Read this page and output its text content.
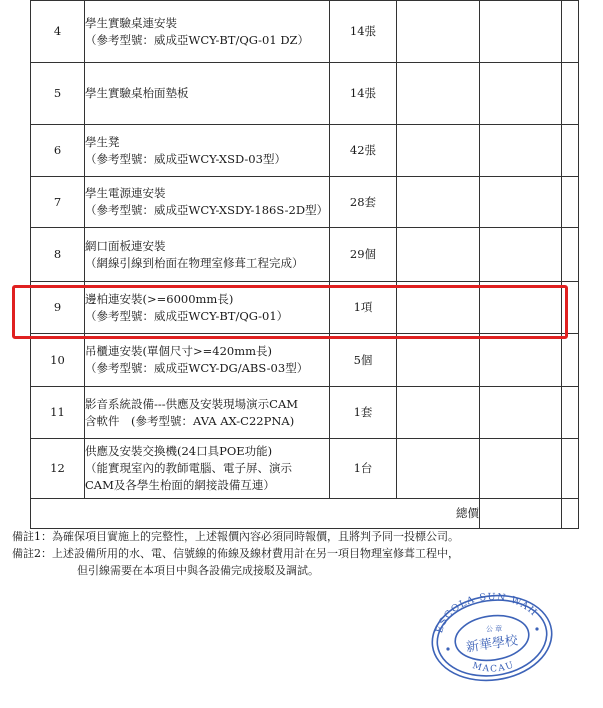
4	學生實驗桌連安裝
（參考型號：威成亞WCY-BT/QG-01 DZ）	14張			
5	學生實驗桌枱面墊板	14張			
6	學生凳
（參考型號：威成亞WCY-XSD-03型）	42張			
7	學生電源連安裝
（參考型號：威成亞WCY-XSDY-186S-2D型）	28套			
8	網口面板連安裝
（網線引線到枱面在物理室修葺工程完成）	29個			
9	邊柏連安裝(>=6000mm長)
（參考型號：威成亞WCY-BT/QG-01）	1項			
10	吊櫃連安裝(單個尺寸>=420mm長)
（參考型號：威成亞WCY-DG/ABS-03型）	5個			
11	影音系統設備---供應及安裝現場演示CAM
含軟件　(參考型號：AVA AX-C22PNA)	1套			
12	供應及安裝交換機(24口具POE功能)
（能實現室內的教師電腦、電子屏、演示
CAM及各學生枱面的網接設備互連）	1台			
總價					
備註1： 為確保項目實施上的完整性，上述報價內容必須同時報價，且將判予同一投標公司。
備註2： 上述設備所用的水、電、信號線的佈線及線材費用計在另一項目物理室修葺工程中，
但引線需要在本項目中與各設備完成接駁及調試。
ESCOLA SUN WAH
MACAU
公 章
新華學校
